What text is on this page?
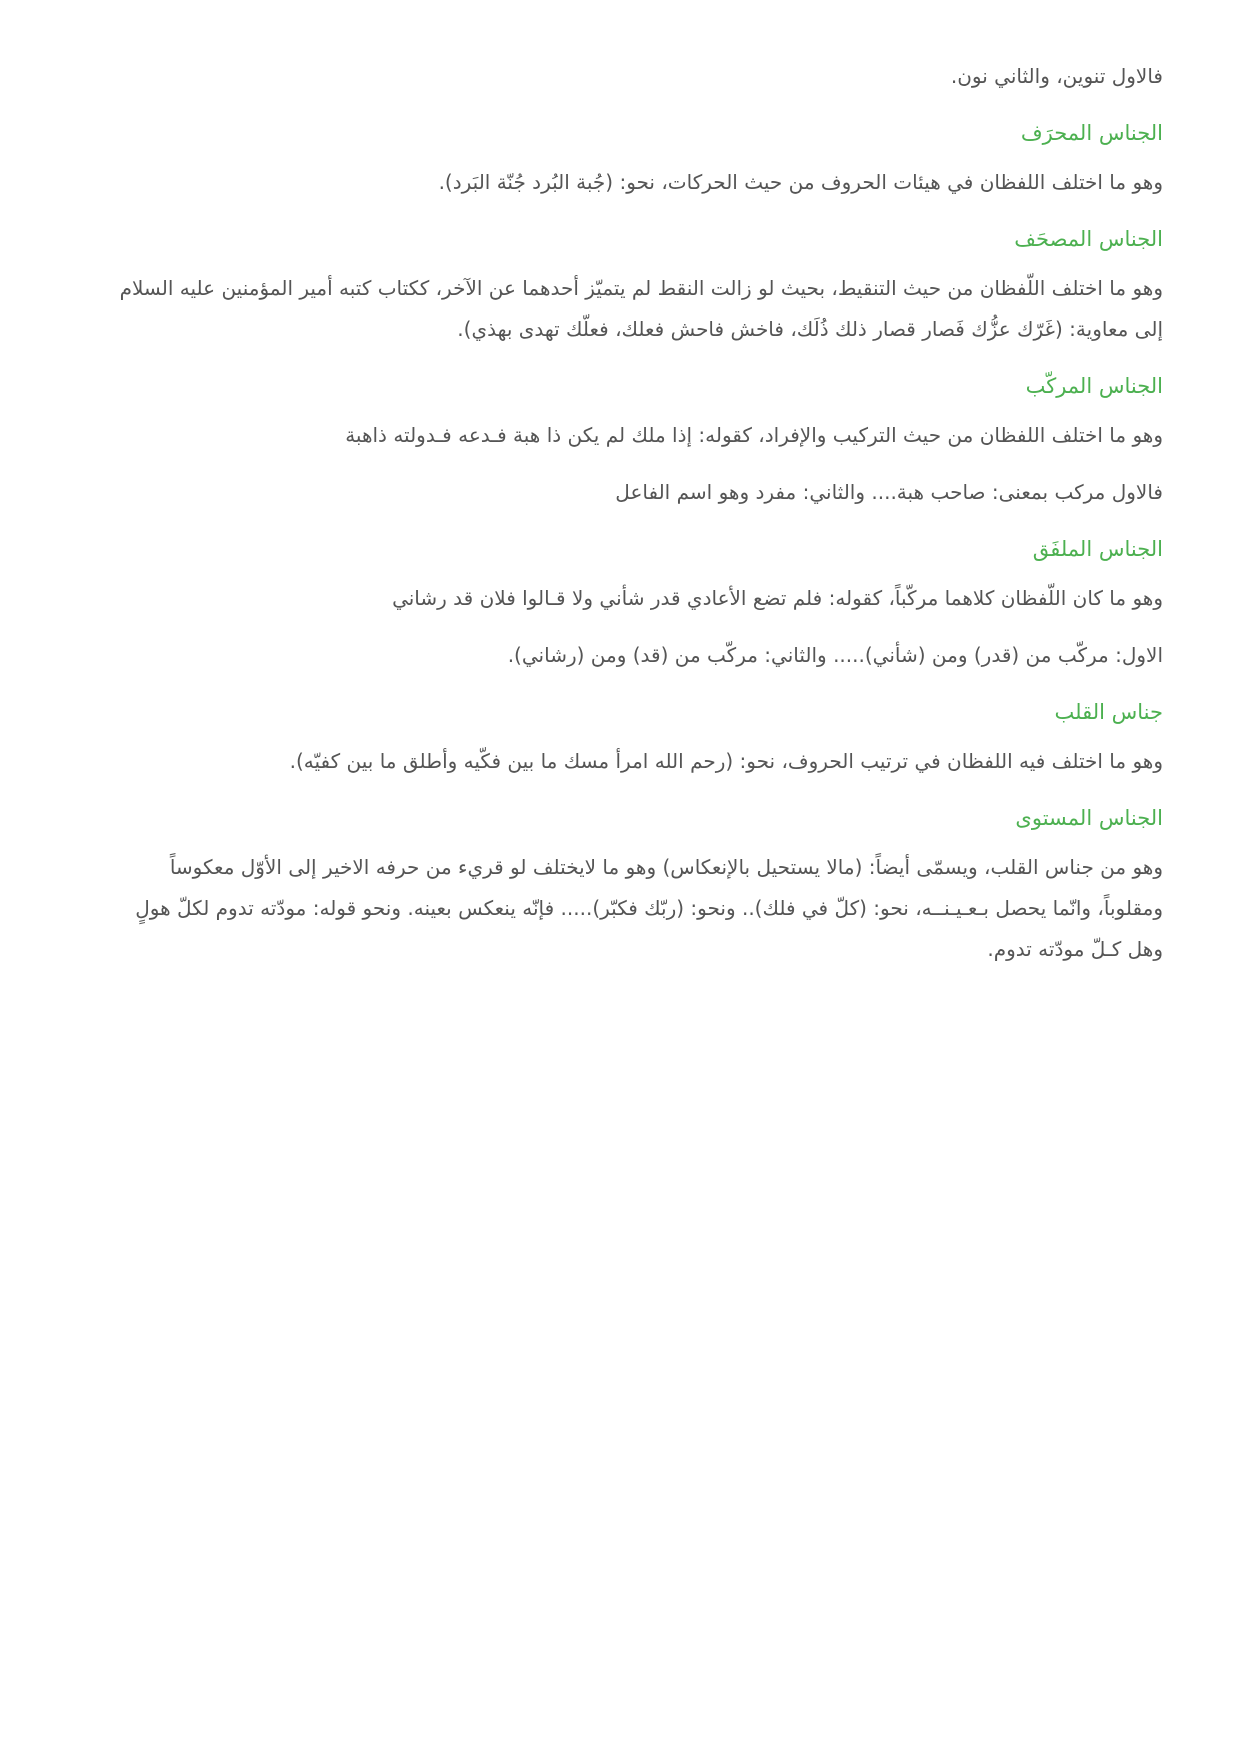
فالاول تنوين، والثاني نون.

الجناس المحرَف

وهو ما اختلف اللفظان في هيئات الحروف من حيث الحركات، نحو: (جُبة البُرد جُنّة البَرد).

الجناس المصحَف

وهو ما اختلف اللّفظان من حيث التنقيط، بحيث لو زالت النقط لم يتميّز أحدهما عن الآخر، ككتاب كتبه أمير المؤمنين عليه السلام إلى معاوية: (غَرّك عزُّك فَصار قصار ذلك ذُلَك، فاخش فاحش فعلك، فعلّك تهدى بهذي).

الجناس المركّب

وهو ما اختلف اللفظان من حيث التركيب والإفراد، كقوله: إذا ملك لم يكن ذا هبة فـدعه فـدولته ذاهبة

فالاول مركب بمعنى: صاحب هبة.... والثاني: مفرد وهو اسم الفاعل

الجناس الملفَق

وهو ما كان اللّفظان كلاهما مركّباً، كقوله: فلم تضع الأعادي قدر شأني ولا قـالوا فلان قد رشاني

الاول: مركّب من (قدر) ومن (شأني)..... والثاني: مركّب من (قد) ومن (رشاني).

جناس القلب

وهو ما اختلف فيه اللفظان في ترتيب الحروف، نحو: (رحم الله امرأ مسك ما بين فكّيه وأطلق ما بين كفيّه).

الجناس المستوى

وهو من جناس القلب، ويسمّى أيضاً: (مالا يستحيل بالإنعكاس) وهو ما لايختلف لو قريء من حرفه الاخير إلى الأوّل معكوساً ومقلوباً، وانّما يحصل بـعـيـنــه، نحو: (كلّ في فلك).. ونحو: (ربّك فكبّر)..... فإنّه ينعكس بعينه. ونحو قوله: مودّته تدوم لكلّ هولٍ وهل كـلّ مودّته تدوم.
